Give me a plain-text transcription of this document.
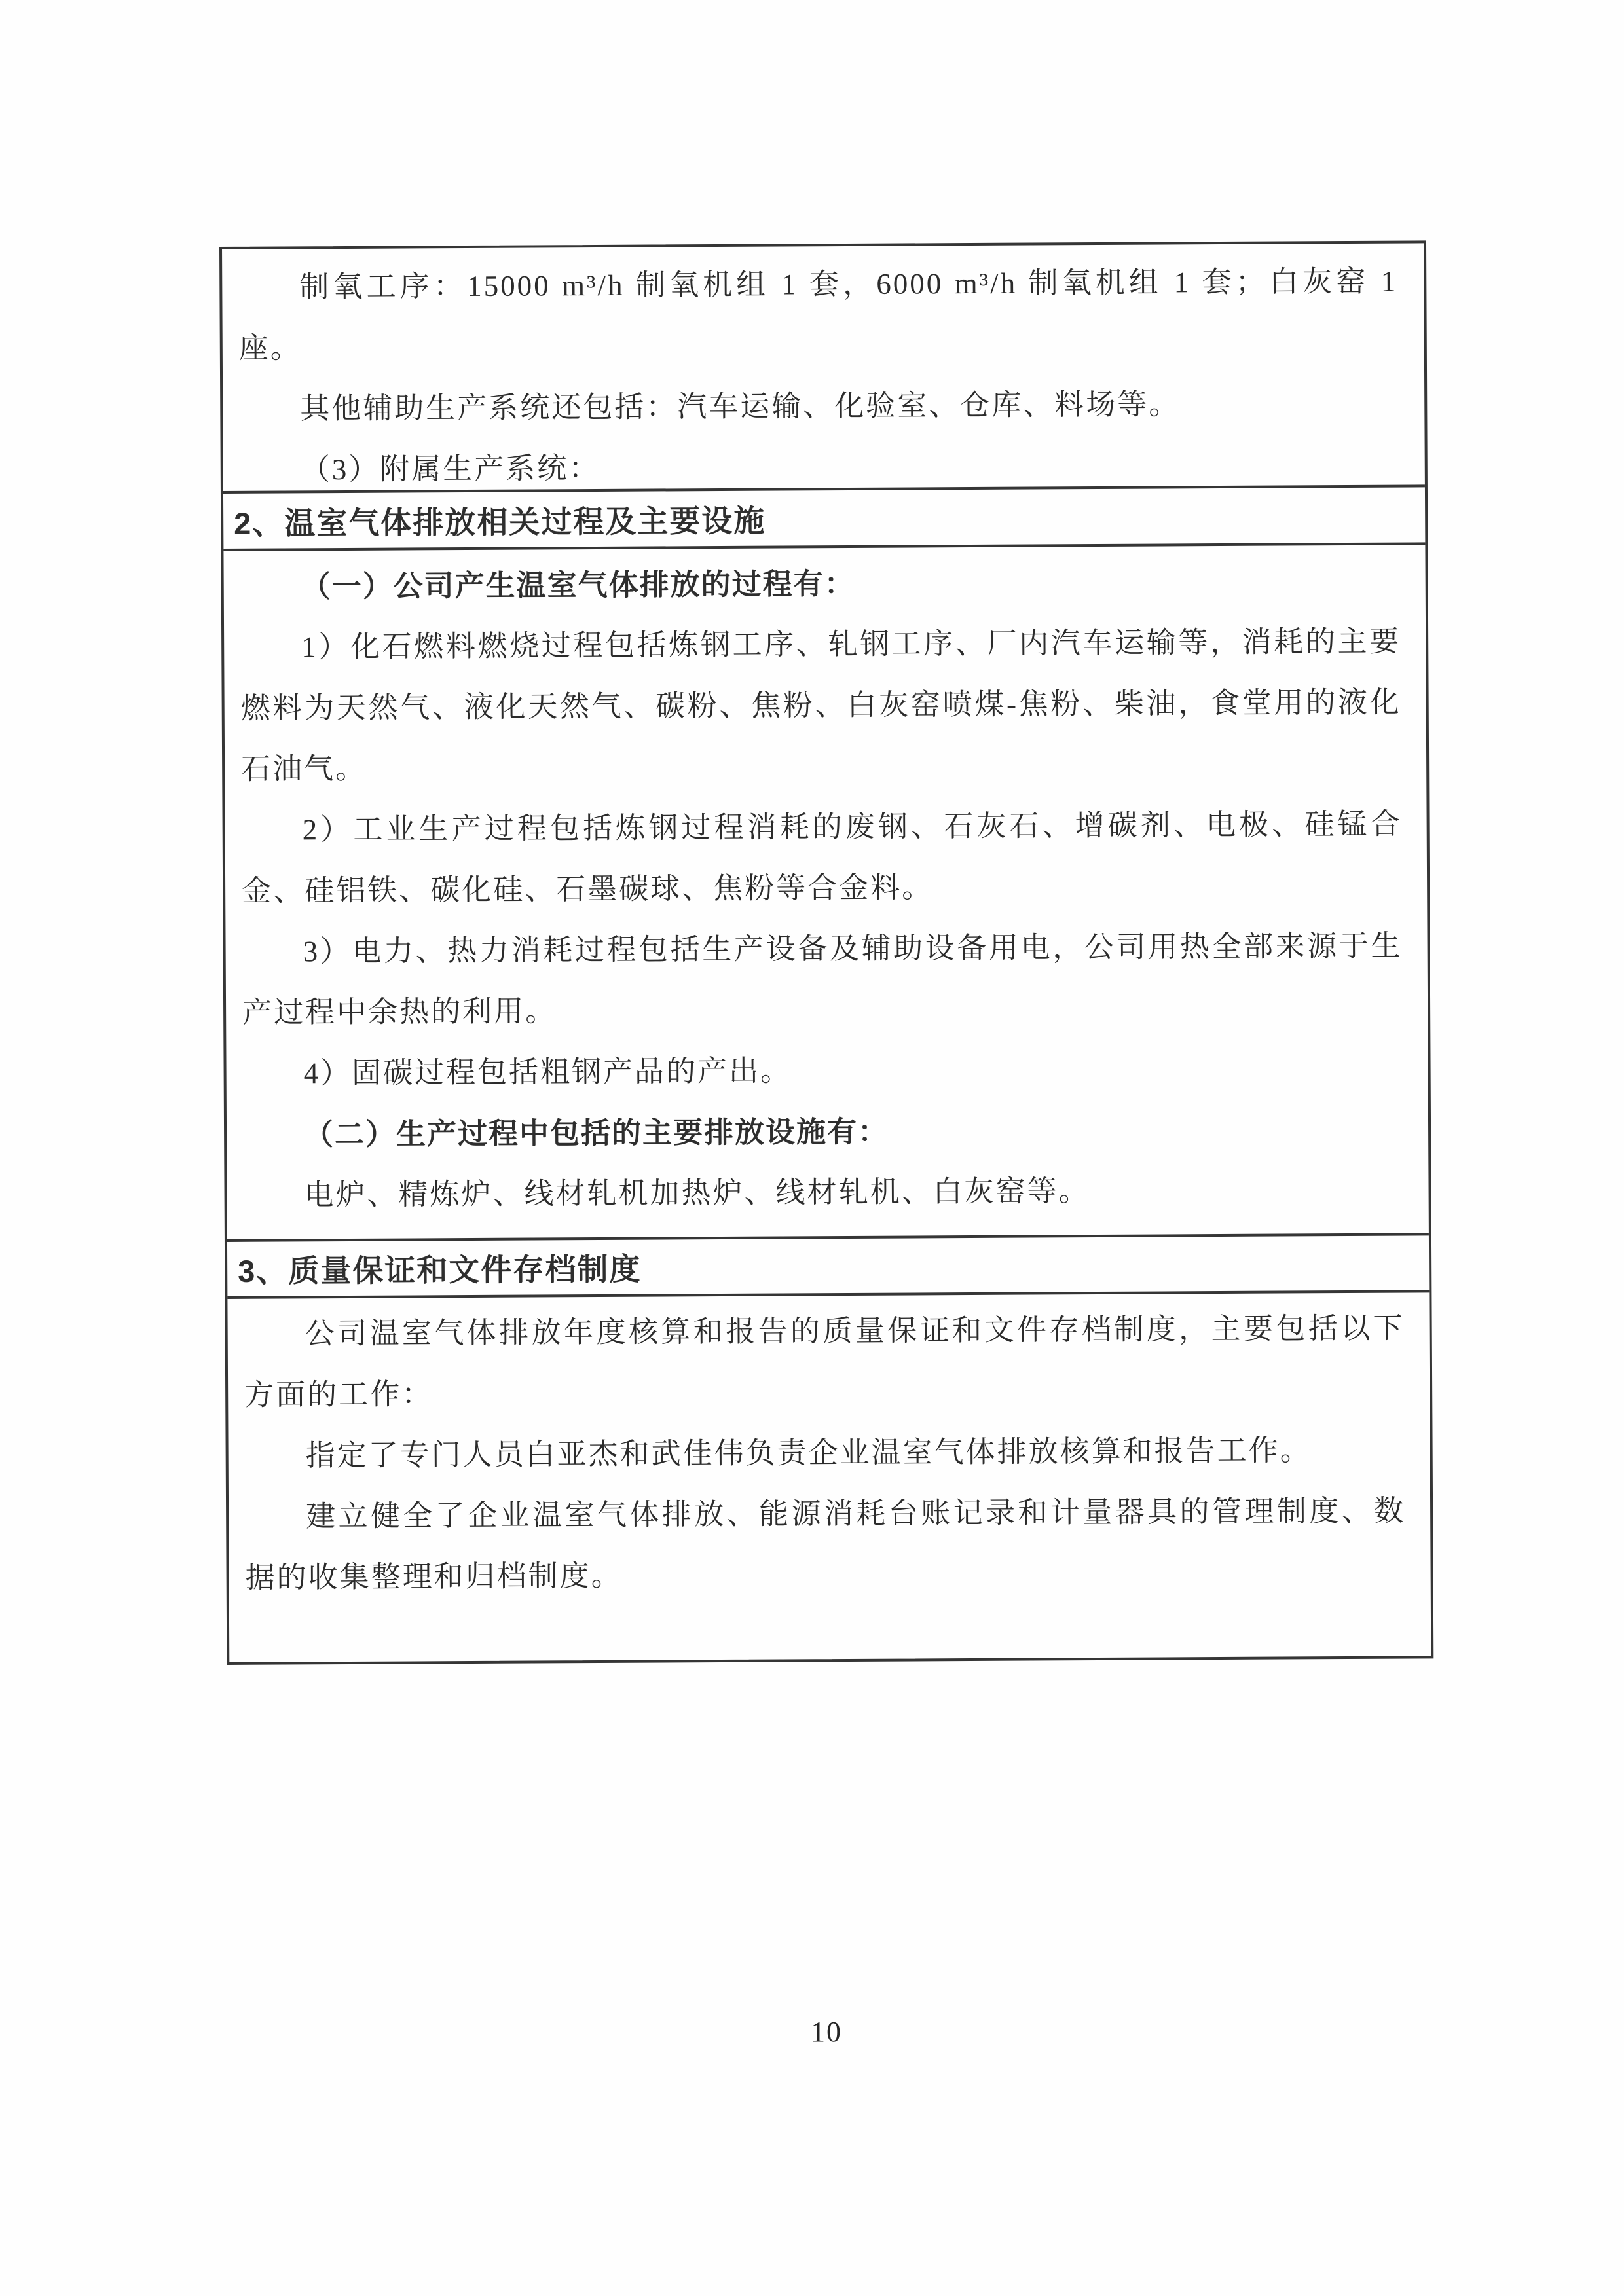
制氧工序：15000 m³/h 制氧机组 1 套，6000 m³/h 制氧机组 1 套；白灰窑 1 座。

其他辅助生产系统还包括：汽车运输、化验室、仓库、料场等。

（3）附属生产系统：

2、温室气体排放相关过程及主要设施

（一）公司产生温室气体排放的过程有：

1）化石燃料燃烧过程包括炼钢工序、轧钢工序、厂内汽车运输等，消耗的主要燃料为天然气、液化天然气、碳粉、焦粉、白灰窑喷煤-焦粉、柴油，食堂用的液化石油气。

2）工业生产过程包括炼钢过程消耗的废钢、石灰石、增碳剂、电极、硅锰合金、硅铝铁、碳化硅、石墨碳球、焦粉等合金料。

3）电力、热力消耗过程包括生产设备及辅助设备用电，公司用热全部来源于生产过程中余热的利用。

4）固碳过程包括粗钢产品的产出。

（二）生产过程中包括的主要排放设施有：

电炉、精炼炉、线材轧机加热炉、线材轧机、白灰窑等。

3、质量保证和文件存档制度

公司温室气体排放年度核算和报告的质量保证和文件存档制度，主要包括以下方面的工作：

指定了专门人员白亚杰和武佳伟负责企业温室气体排放核算和报告工作。

建立健全了企业温室气体排放、能源消耗台账记录和计量器具的管理制度、数据的收集整理和归档制度。

10
